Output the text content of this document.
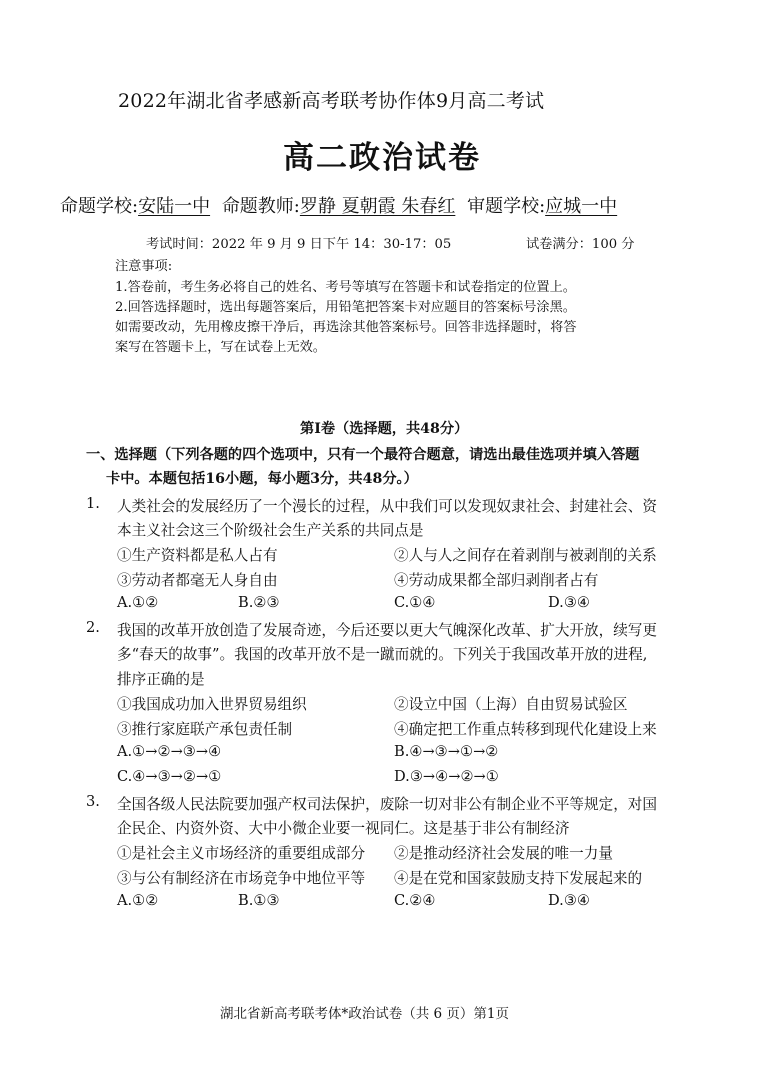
2022年湖北省孝感新高考联考协作体9月高二考试
高二政治试卷
命题学校:安陆一中 命题教师:罗静 夏朝霞 朱春红 审题学校:应城一中
考试时间：2022 年 9 月 9 日下午 14：30-17：05	试卷满分：100 分
注意事项:
1.答卷前，考生务必将自己的姓名、考号等填写在答题卡和试卷指定的位置上。
2.回答选择题时，选出每题答案后，用铅笔把答案卡对应题目的答案标号涂黑。
如需要改动，先用橡皮擦干净后，再选涂其他答案标号。回答非选择题时，将答
案写在答题卡上，写在试卷上无效。
第I卷（选择题，共48分）
一、选择题（下列各题的四个选项中，只有一个最符合题意，请选出最佳选项并填入答题
卡中。本题包括16小题，每小题3分，共48分。）
1. 人类社会的发展经历了一个漫长的过程，从中我们可以发现奴隶社会、封建社会、资
本主义社会这三个阶级社会生产关系的共同点是
①生产资料都是私人占有	②人与人之间存在着剥削与被剥削的关系
③劳动者都毫无人身自由	④劳动成果都全部归剥削者占有
A.①②	B.②③	C.①④	D.③④
2. 我国的改革开放创造了发展奇迹，今后还要以更大气魄深化改革、扩大开放，续写更
多“春天的故事”。我国的改革开放不是一蹴而就的。下列关于我国改革开放的进程,
排序正确的是
①我国成功加入世界贸易组织	②设立中国（上海）自由贸易试验区
③推行家庭联产承包责任制	④确定把工作重点转移到现代化建设上来
A.①→②→③→④	B.④→③→①→②
C.④→③→②→①	D.③→④→②→①
3. 全国各级人民法院要加强产权司法保护，废除一切对非公有制企业不平等规定，对国
企民企、内资外资、大中小微企业要一视同仁。这是基于非公有制经济
①是社会主义市场经济的重要组成部分 ②是推动经济社会发展的唯一力量
③与公有制经济在市场竞争中地位平等 ④是在党和国家鼓励支持下发展起来的
A.①②	B.①③	C.②④	D.③④
湖北省新高考联考体*政治试卷（共 6 页）第1页
